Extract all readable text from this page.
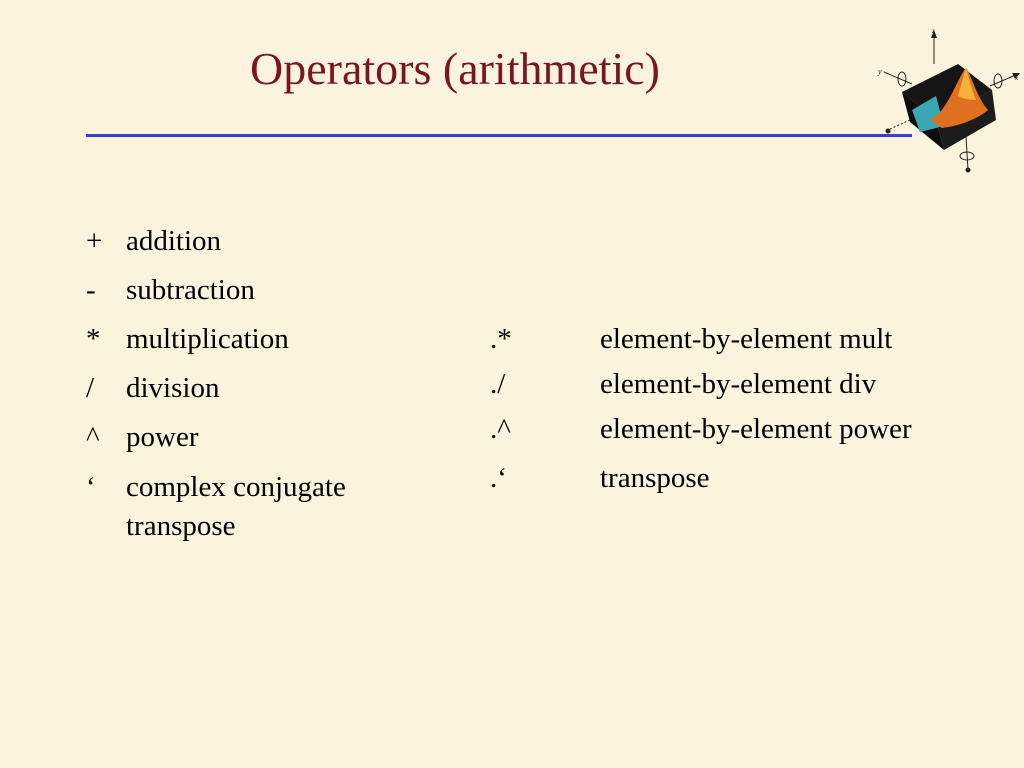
Operators (arithmetic)
z
y
x
+ addition
- subtraction
* multiplication
/ division
^ power
‘ complex conjugate
transpose
.*	element-by-element mult
./	element-by-element div
.^	element-by-element power
.‘	transpose
